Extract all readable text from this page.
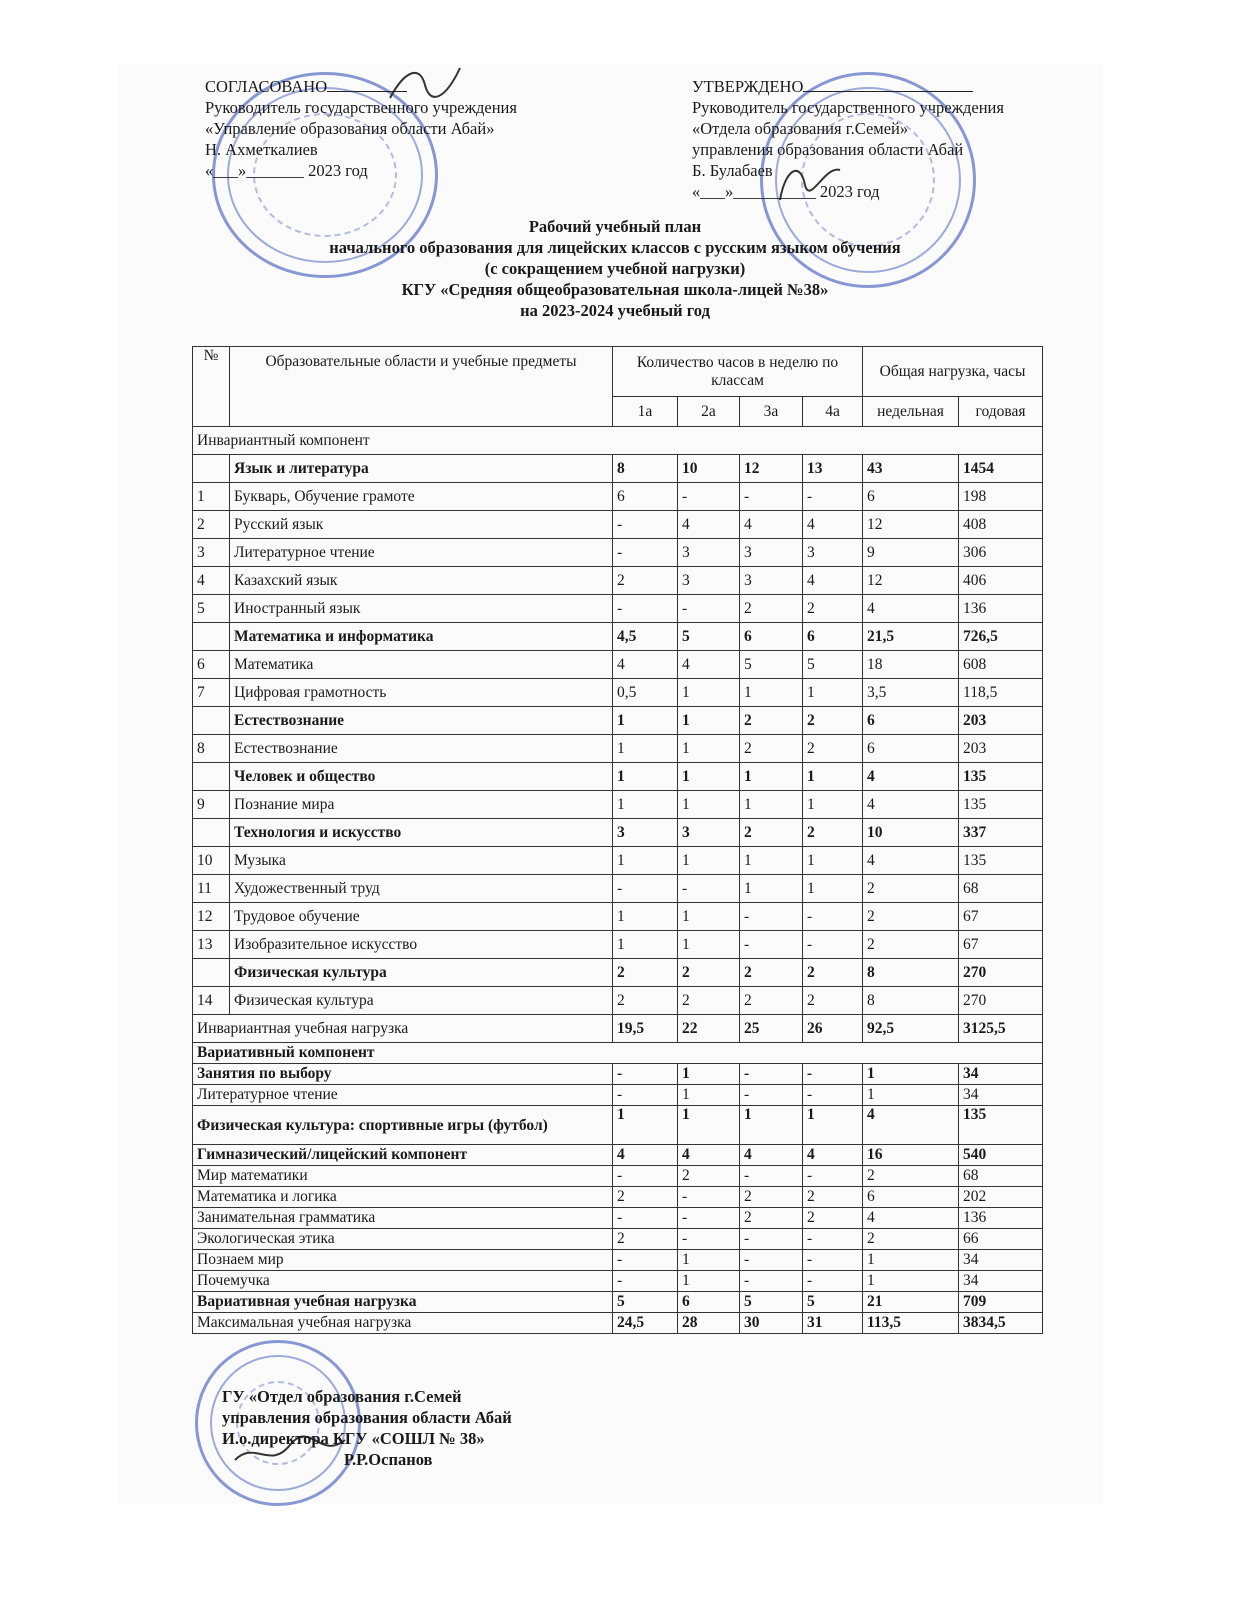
СОГЛАСОВАНО
Руководитель государственного учреждения
«Управление образования области Абай»
Н. Ахметкалиев
«___»_______ 2023 год
УТВЕРЖДЕНО
Руководитель государственного учреждения
«Отдела образования г.Семей»
управления образования области Абай
Б. Булабаев
«___»__________ 2023 год
Рабочий учебный план
начального образования для лицейских классов с русским языком обучения
(с сокращением учебной нагрузки)
КГУ «Средняя общеобразовательная школа-лицей №38»
на 2023-2024 учебный год
№	Образовательные области и учебные предметы	Количество часов в неделю по классам				Общая нагрузка, часы	
		1а	2а	3а	4а	недельная	годовая
Инвариантный компонент							
	Язык и литература	8	10	12	13	43	1454
1	Букварь, Обучение грамоте	6	-	-	-	6	198
2	Русский язык	-	4	4	4	12	408
3	Литературное чтение	-	3	3	3	9	306
4	Казахский язык	2	3	3	4	12	406
5	Иностранный язык	-	-	2	2	4	136
	Математика и информатика	4,5	5	6	6	21,5	726,5
6	Математика	4	4	5	5	18	608
7	Цифровая грамотность	0,5	1	1	1	3,5	118,5
	Естествознание	1	1	2	2	6	203
8	Естествознание	1	1	2	2	6	203
	Человек и общество	1	1	1	1	4	135
9	Познание мира	1	1	1	1	4	135
	Технология и искусство	3	3	2	2	10	337
10	Музыка	1	1	1	1	4	135
11	Художественный труд	-	-	1	1	2	68
12	Трудовое обучение	1	1	-	-	2	67
13	Изобразительное искусство	1	1	-	-	2	67
	Физическая культура	2	2	2	2	8	270
14	Физическая культура	2	2	2	2	8	270
Инвариантная учебная нагрузка		19,5	22	25	26	92,5	3125,5
Вариативный компонент							
Занятия по выбору		-	1	-	-	1	34
Литературное чтение		-	1	-	-	1	34
Физическая культура: спортивные игры (футбол)		1	1	1	1	4	135
Гимназический/лицейский компонент		4	4	4	4	16	540
Мир математики		-	2	-	-	2	68
Математика и логика		2	-	2	2	6	202
Занимательная грамматика		-	-	2	2	4	136
Экологическая этика		2	-	-	-	2	66
Познаем мир		-	1	-	-	1	34
Почемучка		-	1	-	-	1	34
Вариативная учебная нагрузка		5	6	5	5	21	709
Максимальная учебная нагрузка		24,5	28	30	31	113,5	3834,5
ГУ «Отдел образования г.Семей
управления образования области Абай
И.о.директора КГУ «СОШЛ № 38»
Р.Р.Оспанов
